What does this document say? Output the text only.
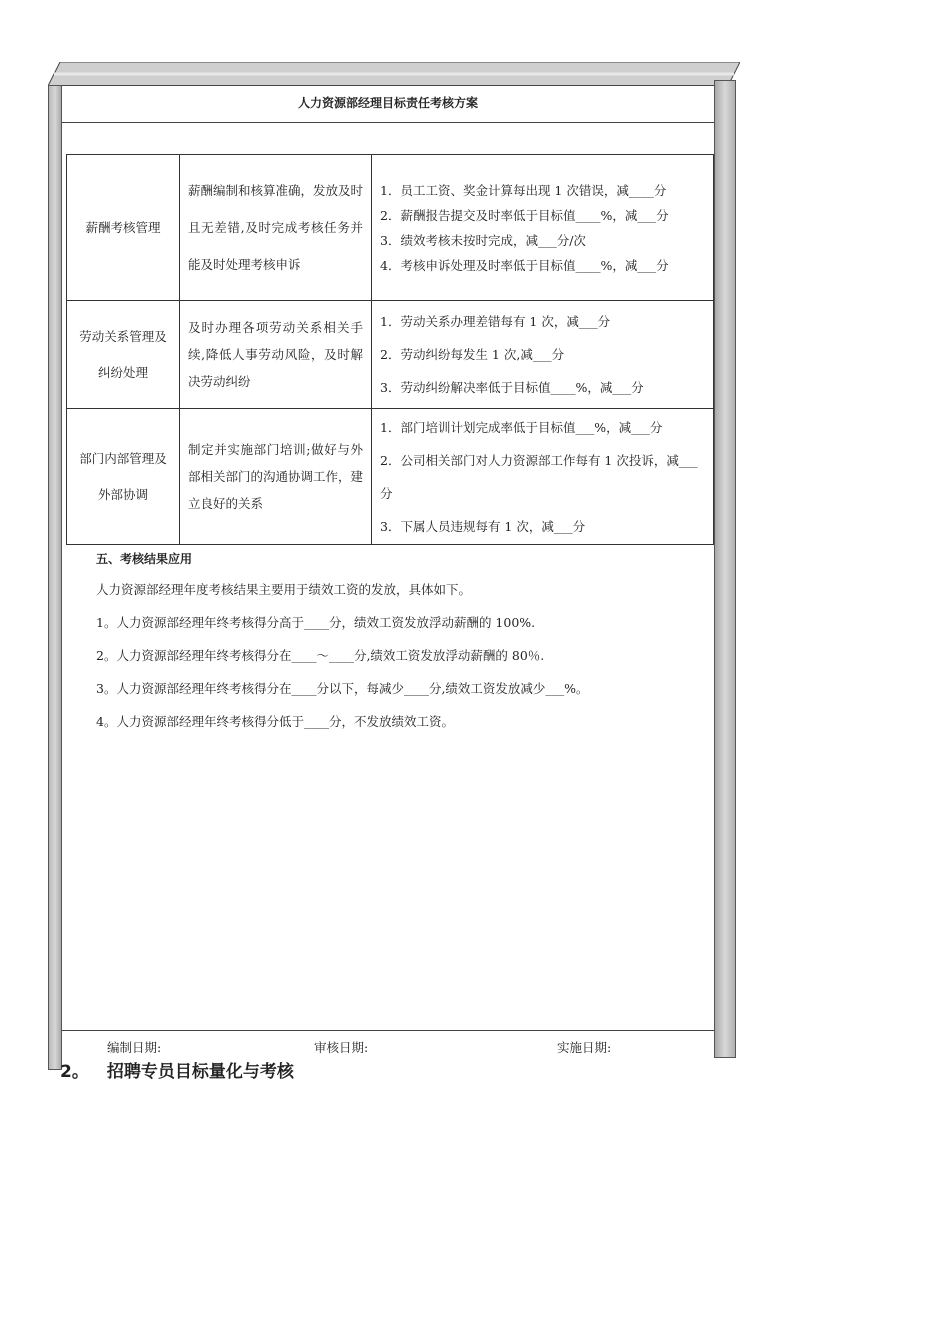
人力资源部经理目标责任考核方案
薪酬考核管理	薪酬编制和核算准确，发放及时且无差错,及时完成考核任务并能及时处理考核申诉	1．员工工资、奖金计算每出现 1 次错误，减____分
2．薪酬报告提交及时率低于目标值____%，减___分
3．绩效考核未按时完成，减___分/次
4．考核申诉处理及时率低于目标值____%，减___分

劳动关系管理及纠纷处理	及时办理各项劳动关系相关手续,降低人事劳动风险，及时解决劳动纠纷	1．劳动关系办理差错每有 1 次，减___分
2．劳动纠纷每发生 1 次,减___分
3．劳动纠纷解决率低于目标值____%，减___分

部门内部管理及外部协调	制定并实施部门培训;做好与外部相关部门的沟通协调工作，建立良好的关系	1．部门培训计划完成率低于目标值___%，减___分
2．公司相关部门对人力资源部工作每有 1 次投诉，减___分
3．下属人员违规每有 1 次，减___分
五、考核结果应用

人力资源部经理年度考核结果主要用于绩效工资的发放，具体如下。

1。人力资源部经理年终考核得分高于____分，绩效工资发放浮动薪酬的 100%.

2。人力资源部经理年终考核得分在____～____分,绩效工资发放浮动薪酬的 80％.

3。人力资源部经理年终考核得分在____分以下，每减少____分,绩效工资发放减少___%。

4。人力资源部经理年终考核得分低于____分，不发放绩效工资。

编制日期:	审核日期:	实施日期:
2。 招聘专员目标量化与考核
